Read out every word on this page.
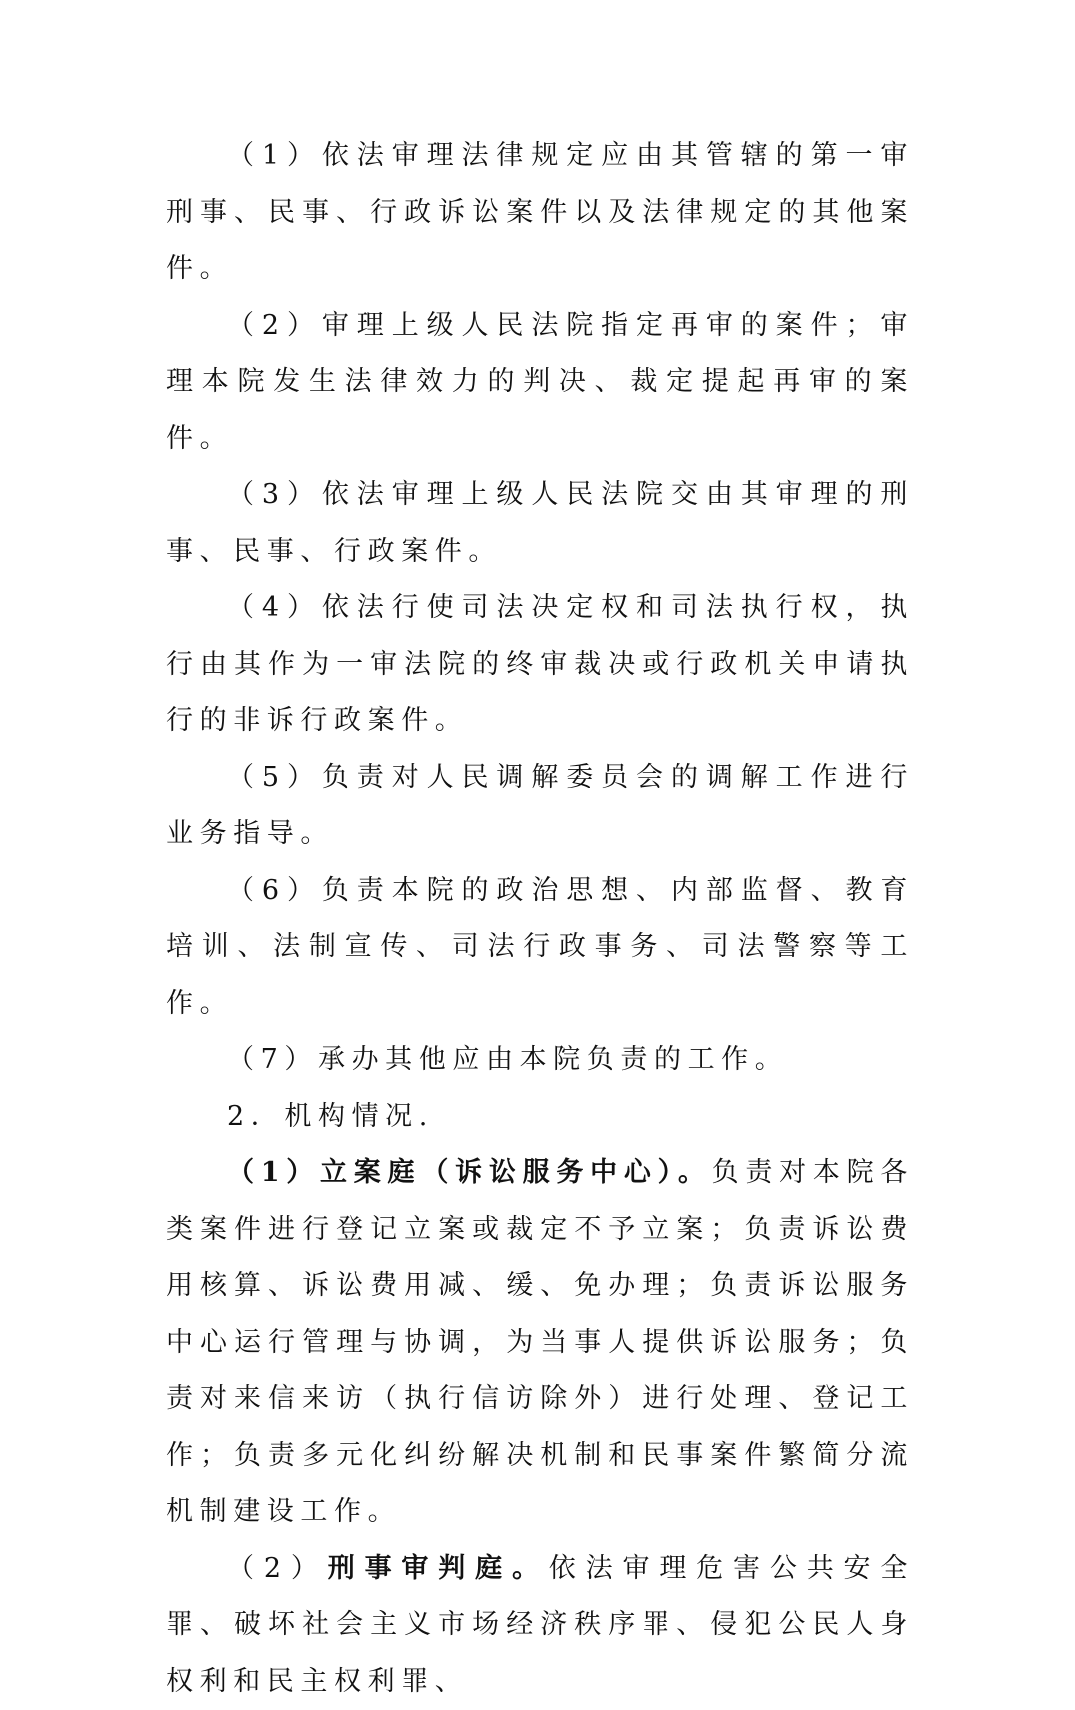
（1）依法审理法律规定应由其管辖的第一审刑事、民事、行政诉讼案件以及法律规定的其他案件。

（2）审理上级人民法院指定再审的案件；审理本院发生法律效力的判决、裁定提起再审的案件。

（3）依法审理上级人民法院交由其审理的刑事、民事、行政案件。

（4）依法行使司法决定权和司法执行权，执行由其作为一审法院的终审裁决或行政机关申请执行的非诉行政案件。

（5）负责对人民调解委员会的调解工作进行业务指导。

（6）负责本院的政治思想、内部监督、教育培训、法制宣传、司法行政事务、司法警察等工作。

（7）承办其他应由本院负责的工作。

2．机构情况.

（1）立案庭（诉讼服务中心）。负责对本院各类案件进行登记立案或裁定不予立案；负责诉讼费用核算、诉讼费用减、缓、免办理；负责诉讼服务中心运行管理与协调，为当事人提供诉讼服务；负责对来信来访（执行信访除外）进行处理、登记工作；负责多元化纠纷解决机制和民事案件繁简分流机制建设工作。

（2）刑事审判庭。依法审理危害公共安全罪、破坏社会主义市场经济秩序罪、侵犯公民人身权利和民主权利罪、
